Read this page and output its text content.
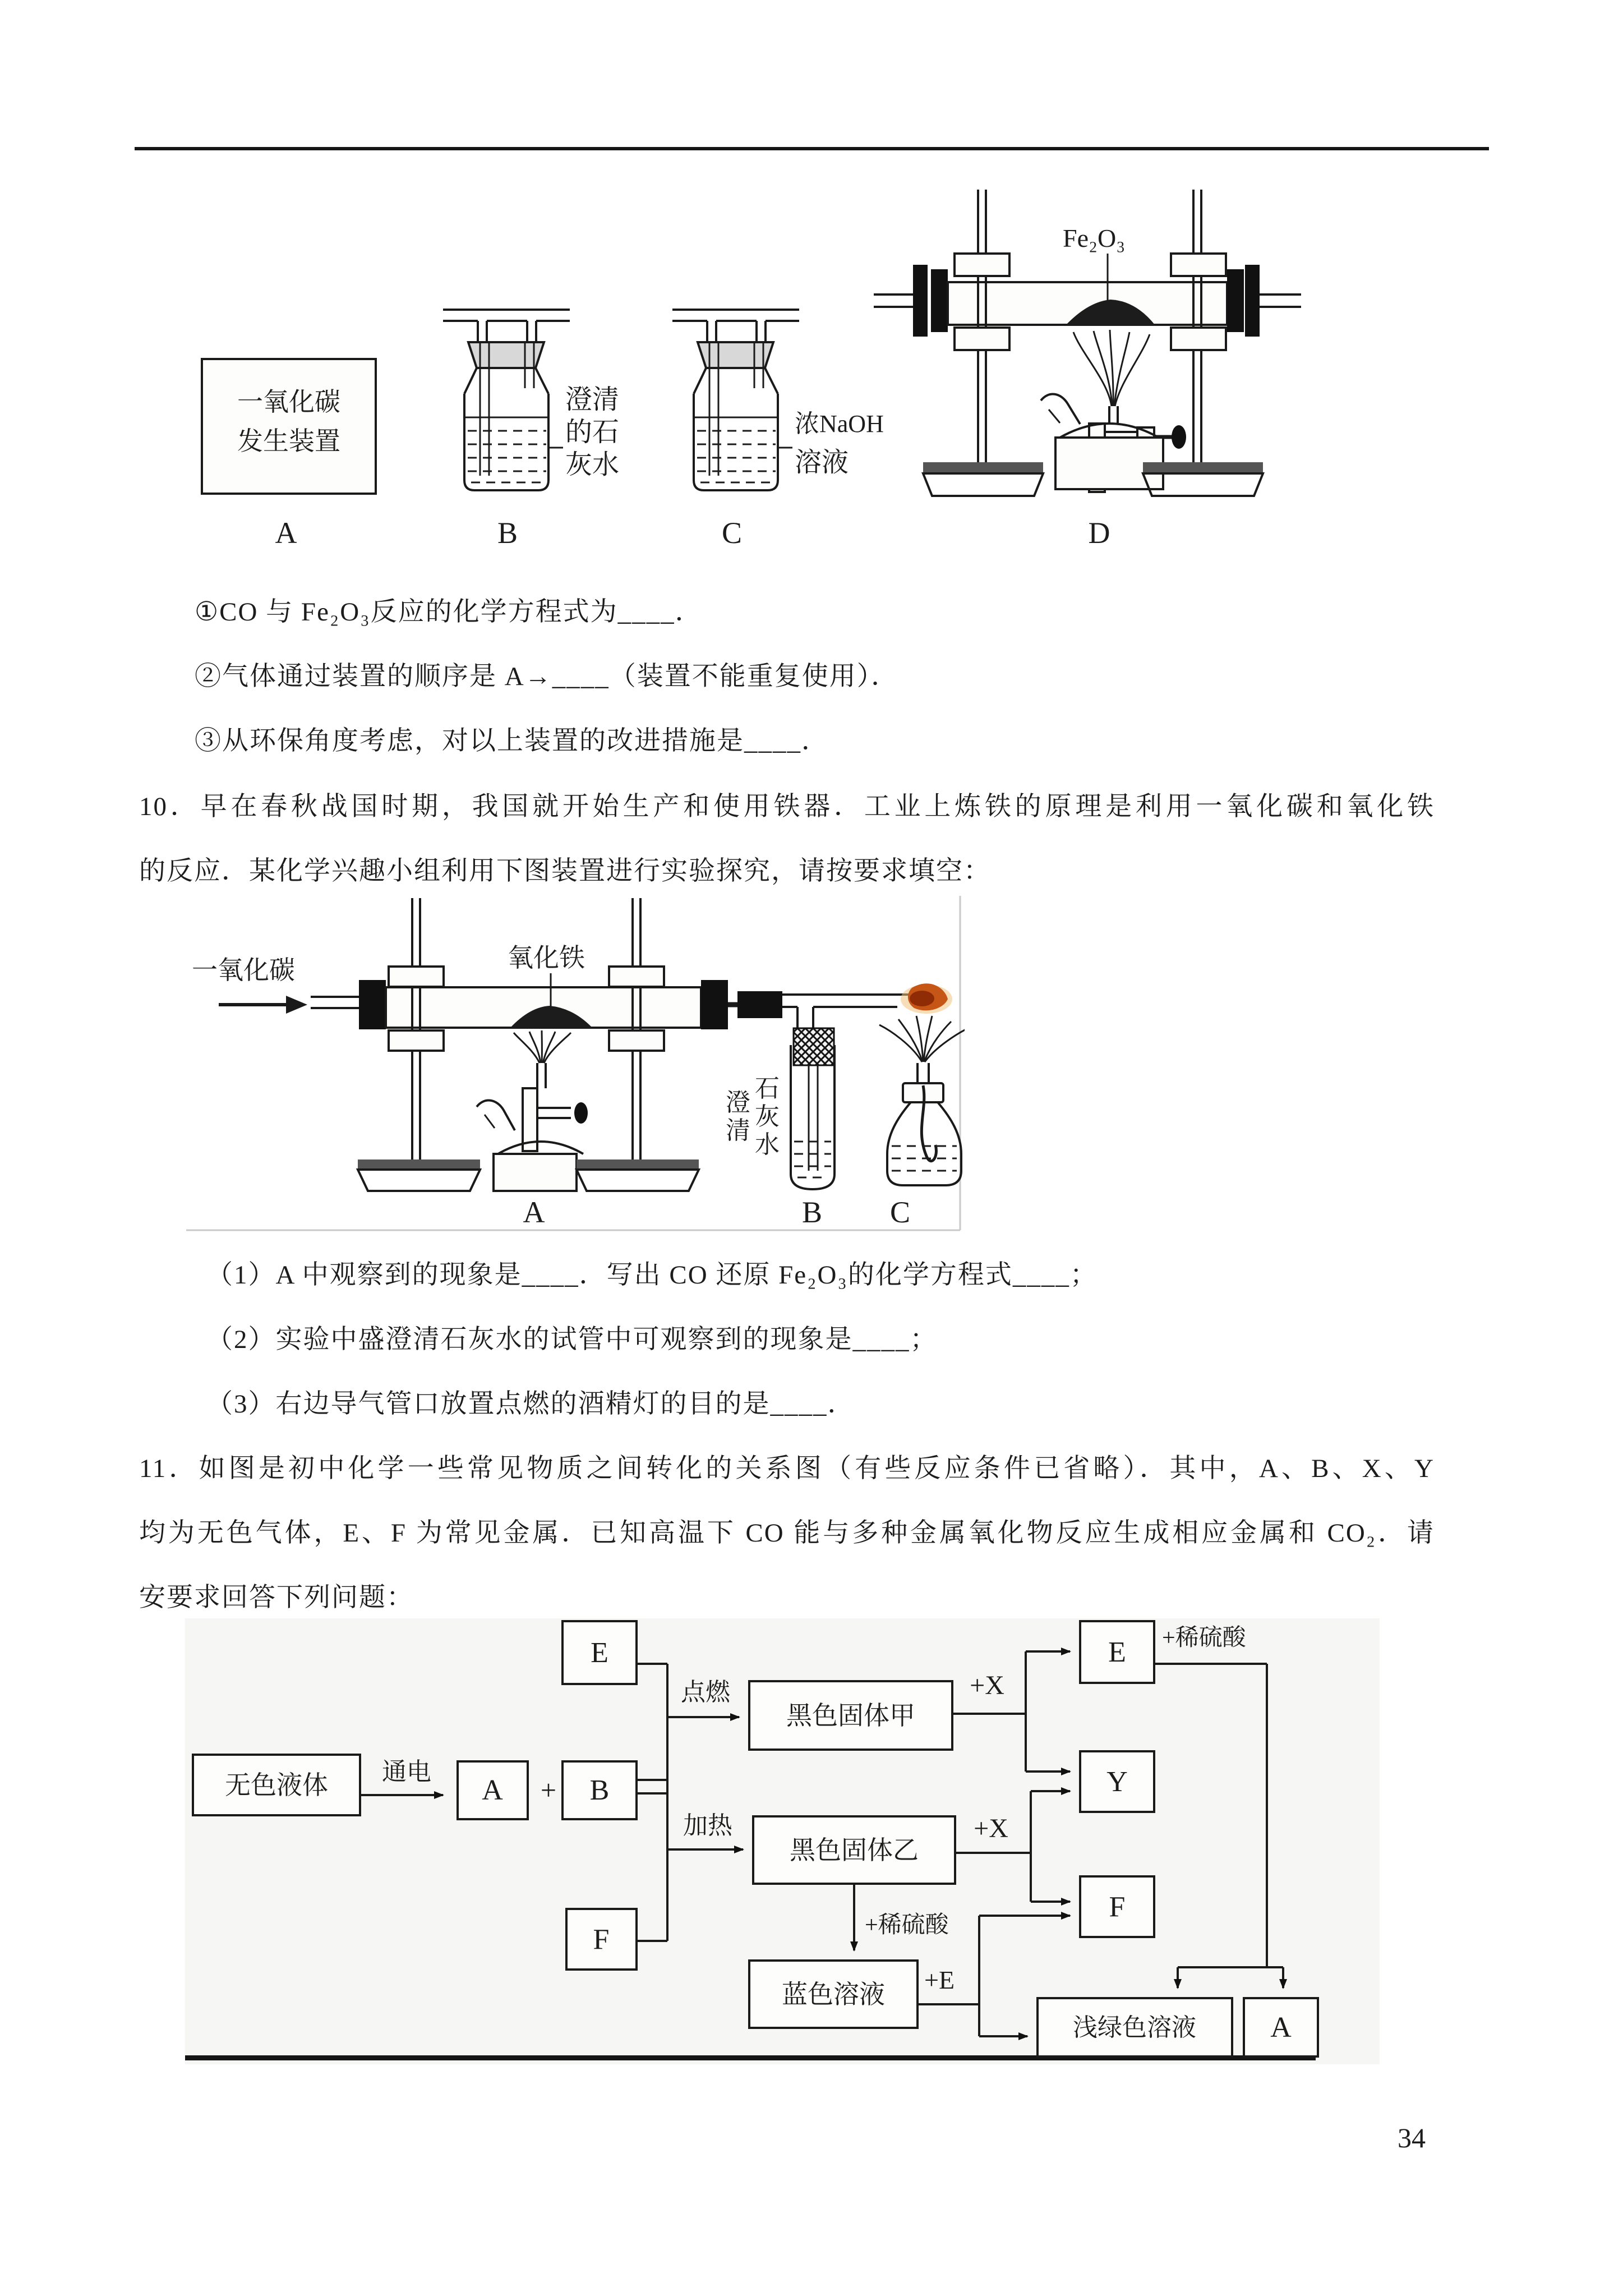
一氧化碳
发生装置
澄清
的石
灰水
浓NaOH
溶液
Fe₂O₃
A	B	C	D
①CO 与 Fe₂O₃反应的化学方程式为____．
②气体通过装置的顺序是 A→____（装置不能重复使用）．
③从环保角度考虑，对以上装置的改进措施是____．
10．早在春秋战国时期，我国就开始生产和使用铁器．工业上炼铁的原理是利用一氧化碳和氧化铁
的反应．某化学兴趣小组利用下图装置进行实验探究，请按要求填空：
一氧化碳	氧化铁
石
灰
水
澄
清
A	B C
（1）A 中观察到的现象是____．写出 CO 还原 Fe₂O₃的化学方程式____；
（2）实验中盛澄清石灰水的试管中可观察到的现象是____；
（3）右边导气管口放置点燃的酒精灯的目的是____．
11．如图是初中化学一些常见物质之间转化的关系图（有些反应条件已省略）．其中，A、B、X、Y
均为无色气体，E、F 为常见金属．已知高温下 CO 能与多种金属氧化物反应生成相应金属和 CO₂．请
安要求回答下列问题：
E
无色液体	A + B
F
黑色固体甲
黑色固体乙
E
Y
F
蓝色溶液
浅绿色溶液	A
通电
点燃
加热
+X
+X
+稀硫酸
+稀硫酸
+E
34
